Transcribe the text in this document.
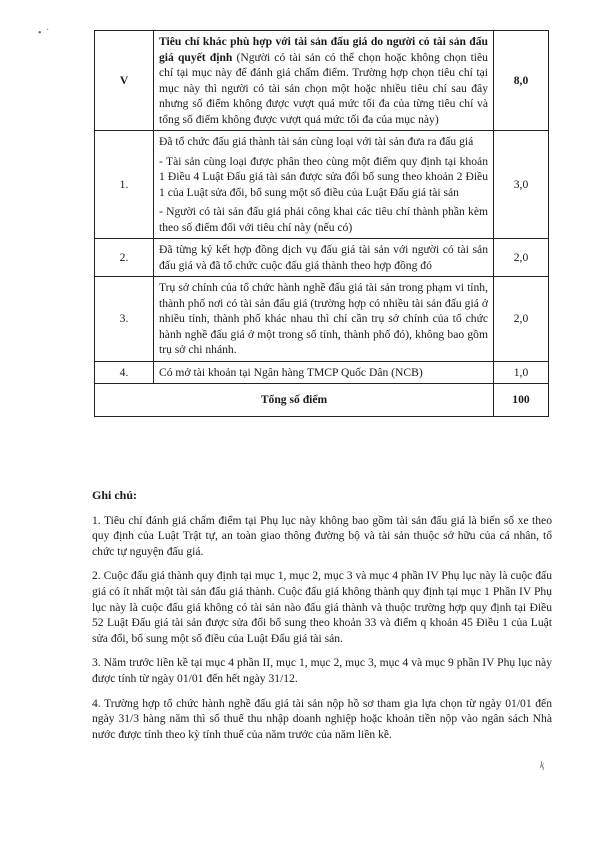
• ˙
V	Tiêu chí khác phù hợp với tài sản đấu giá do người có tài sản đấu giá quyết định (Người có tài sản có thể chọn hoặc không chọn tiêu chí tại mục này để đánh giá chấm điểm. Trường hợp chọn tiêu chí tại mục này thì người có tài sản chọn một hoặc nhiều tiêu chí sau đây nhưng số điểm không được vượt quá mức tối đa của từng tiêu chí và tổng số điểm không được vượt quá mức tối đa của mục này)	8,0
1.	Đã tổ chức đấu giá thành tài sản cùng loại với tài sản đưa ra đấu giá

- Tài sản cùng loại được phân theo cùng một điểm quy định tại khoản 1 Điều 4 Luật Đấu giá tài sản được sửa đổi bổ sung theo khoản 2 Điều 1 của Luật sửa đổi, bổ sung một số điều của Luật Đấu giá tài sản

- Người có tài sản đấu giá phải công khai các tiêu chí thành phần kèm theo số điểm đối với tiêu chí này (nếu có)	3,0
2.	Đã từng ký kết hợp đồng dịch vụ đấu giá tài sản với người có tài sản đấu giá và đã tổ chức cuộc đấu giá thành theo hợp đồng đó	2,0
3.	Trụ sở chính của tổ chức hành nghề đấu giá tài sản trong phạm vi tỉnh, thành phố nơi có tài sản đấu giá (trường hợp có nhiều tài sản đấu giá ở nhiều tỉnh, thành phố khác nhau thì chỉ cần trụ sở chính của tổ chức hành nghề đấu giá ở một trong số tỉnh, thành phố đó), không bao gồm trụ sở chi nhánh.	2,0
4.	Có mở tài khoản tại Ngân hàng TMCP Quốc Dân (NCB)	1,0
Tổng số điểm		100
Ghi chú:

1. Tiêu chí đánh giá chấm điểm tại Phụ lục này không bao gồm tài sản đấu giá là biển số xe theo quy định của Luật Trật tự, an toàn giao thông đường bộ và tài sản thuộc sở hữu của cá nhân, tổ chức tự nguyện đấu giá.

2. Cuộc đấu giá thành quy định tại mục 1, mục 2, mục 3 và mục 4 phần IV Phụ lục này là cuộc đấu giá có ít nhất một tài sản đấu giá thành. Cuộc đấu giá không thành quy định tại mục 1 Phần IV Phụ lục này là cuộc đấu giá không có tài sản nào đấu giá thành và thuộc trường hợp quy định tại Điều 52 Luật Đấu giá tài sản được sửa đổi bổ sung theo khoản 33 và điểm q khoản 45 Điều 1 của Luật sửa đổi, bổ sung một số điều của Luật Đấu giá tài sản.

3. Năm trước liền kề tại mục 4 phần II, mục 1, mục 2, mục 3, mục 4 và mục 9 phần IV Phụ lục này được tính từ ngày 01/01 đến hết ngày 31/12.

4. Trường hợp tổ chức hành nghề đấu giá tài sản nộp hồ sơ tham gia lựa chọn từ ngày 01/01 đến ngày 31/3 hàng năm thì số thuế thu nhập doanh nghiệp hoặc khoản tiền nộp vào ngân sách Nhà nước được tính theo kỳ tính thuế của năm trước của năm liền kề.

ⱪ
